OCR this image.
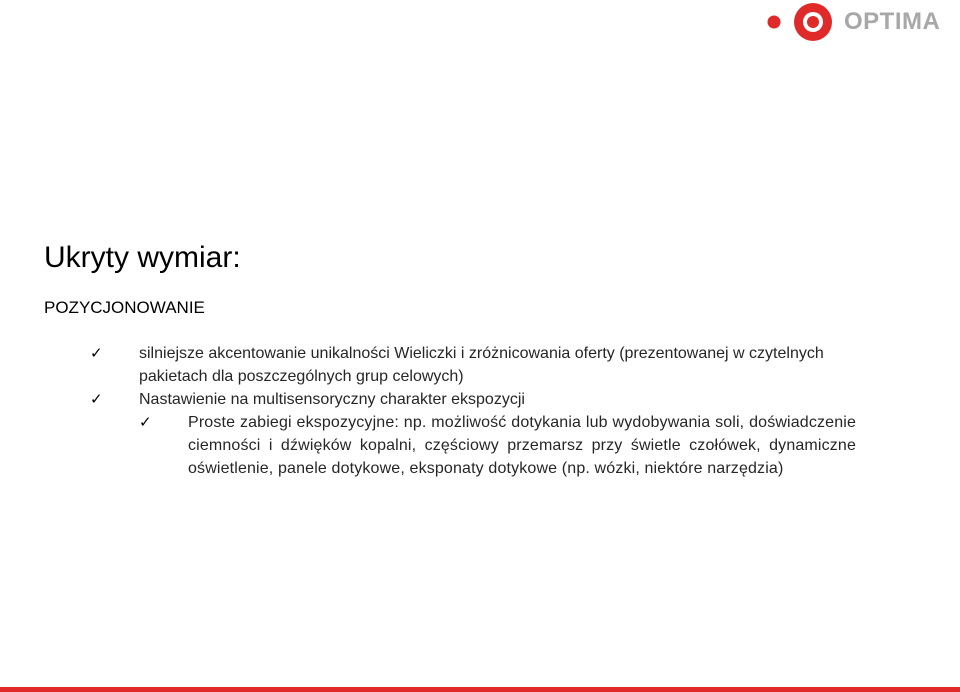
OPTIMA
Ukryty wymiar:
POZYCJONOWANIE
✓ silniejsze akcentowanie unikalności Wieliczki i zróżnicowania oferty (prezentowanej w czytelnych pakietach dla poszczególnych grup celowych)
✓ Nastawienie na multisensoryczny charakter ekspozycji
✓ Proste zabiegi ekspozycyjne: np. możliwość dotykania lub wydobywania soli, doświadczenie ciemności i dźwięków kopalni, częściowy przemarsz przy świetle czołówek, dynamiczne oświetlenie, panele dotykowe, eksponaty dotykowe (np. wózki, niektóre narzędzia)
